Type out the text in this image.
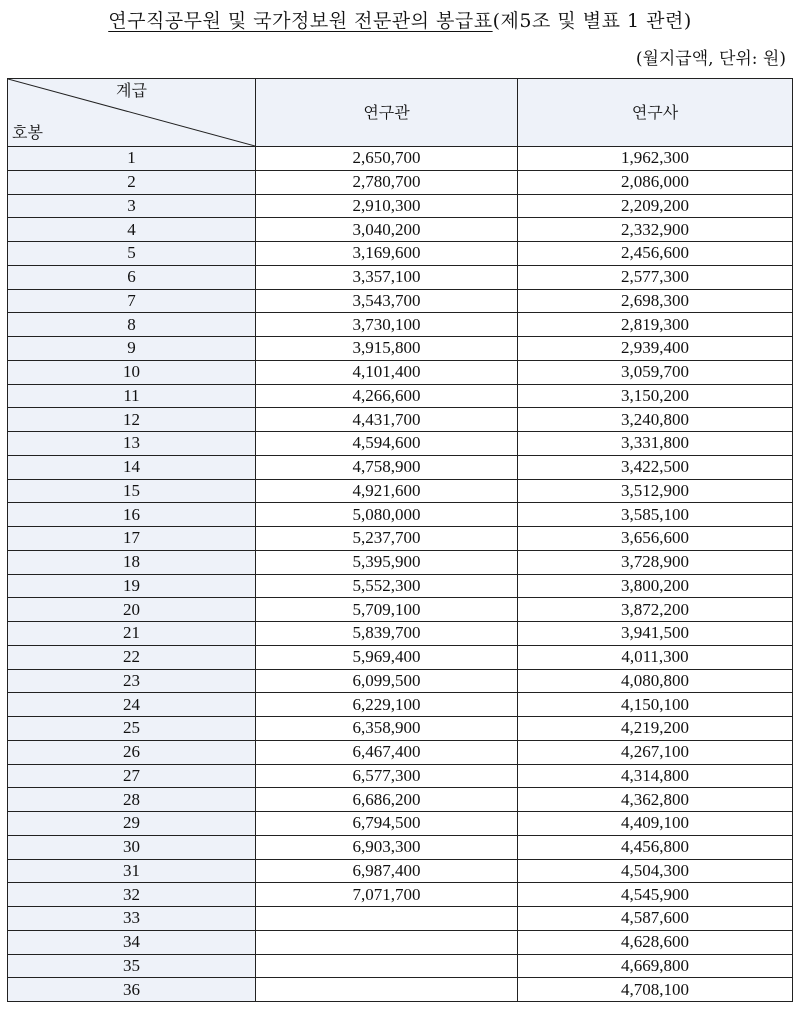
연구직공무원 및 국가정보원 전문관의 봉급표(제5조 및 별표 1 관련)
(월지급액, 단위: 원)
계급
호봉	연구관	연구사
1	2,650,700	1,962,300
2	2,780,700	2,086,000
3	2,910,300	2,209,200
4	3,040,200	2,332,900
5	3,169,600	2,456,600
6	3,357,100	2,577,300
7	3,543,700	2,698,300
8	3,730,100	2,819,300
9	3,915,800	2,939,400
10	4,101,400	3,059,700
11	4,266,600	3,150,200
12	4,431,700	3,240,800
13	4,594,600	3,331,800
14	4,758,900	3,422,500
15	4,921,600	3,512,900
16	5,080,000	3,585,100
17	5,237,700	3,656,600
18	5,395,900	3,728,900
19	5,552,300	3,800,200
20	5,709,100	3,872,200
21	5,839,700	3,941,500
22	5,969,400	4,011,300
23	6,099,500	4,080,800
24	6,229,100	4,150,100
25	6,358,900	4,219,200
26	6,467,400	4,267,100
27	6,577,300	4,314,800
28	6,686,200	4,362,800
29	6,794,500	4,409,100
30	6,903,300	4,456,800
31	6,987,400	4,504,300
32	7,071,700	4,545,900
33		4,587,600
34		4,628,600
35		4,669,800
36		4,708,100
